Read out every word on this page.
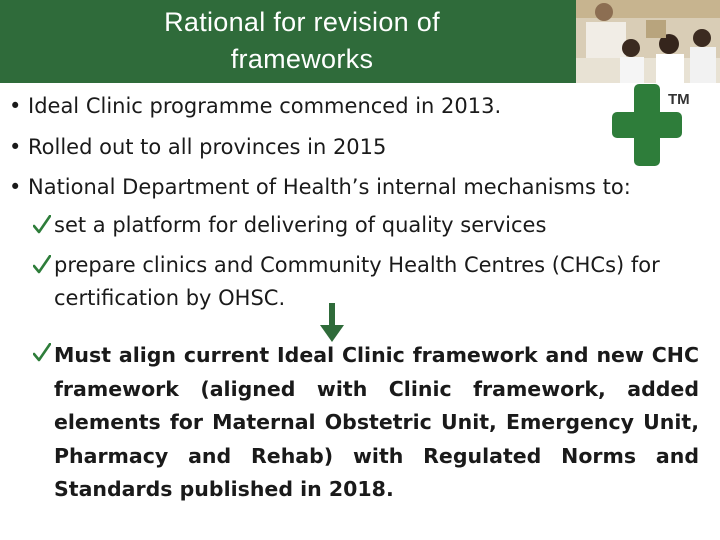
Rational for revision of frameworks
TM
• Ideal Clinic programme commenced in 2013.
• Rolled out to all provinces in 2015
• National Department of Health’s internal mechanisms to:
set a platform for delivering of quality services
prepare clinics and Community Health Centres (CHCs) for
certification by OHSC.
Must align current Ideal Clinic framework and new CHC framework (aligned with Clinic framework, added elements for Maternal Obstetric Unit, Emergency Unit, Pharmacy and Rehab) with Regulated Norms and Standards published in 2018.
